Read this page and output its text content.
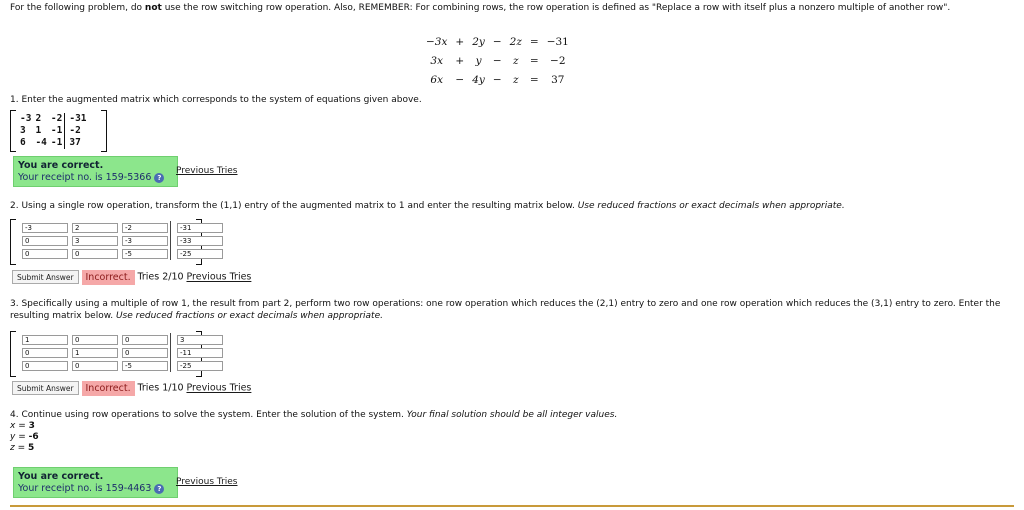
For the following problem, do not use the row switching row operation. Also, REMEMBER: For combining rows, the row operation is defined as "Replace a row with itself plus a nonzero multiple of another row".

−3x	+	2y	−	2z	=	−31
3x	+	y	−	z	=	−2
6x	−	4y	−	z	=	37

1. Enter the augmented matrix which corresponds to the system of equations given above.

-3	2	-2	-31
3	1	-1	-2
6	-4	-1	37
You are correct.
Your receipt no. is 159-5366 ?
Previous Tries

2. Using a single row operation, transform the (1,1) entry of the augmented matrix to 1 and enter the resulting matrix below. Use reduced fractions or exact decimals when appropriate.

-3	2	-2	-31
0	3	-3	-33
0	0	-5	-25
Submit Answer Incorrect. Tries 2/10 Previous Tries

3. Specifically using a multiple of row 1, the result from part 2, perform two row operations: one row operation which reduces the (2,1) entry to zero and one row operation which reduces the (3,1) entry to zero. Enter the resulting matrix below. Use reduced fractions or exact decimals when appropriate.

1	0	0	3
0	1	0	-11
0	0	-5	-25
Submit Answer Incorrect. Tries 1/10 Previous Tries

4. Continue using row operations to solve the system. Enter the solution of the system. Your final solution should be all integer values.

x = 3
y = -6
z = 5
You are correct.
Your receipt no. is 159-4463 ?
Previous Tries
